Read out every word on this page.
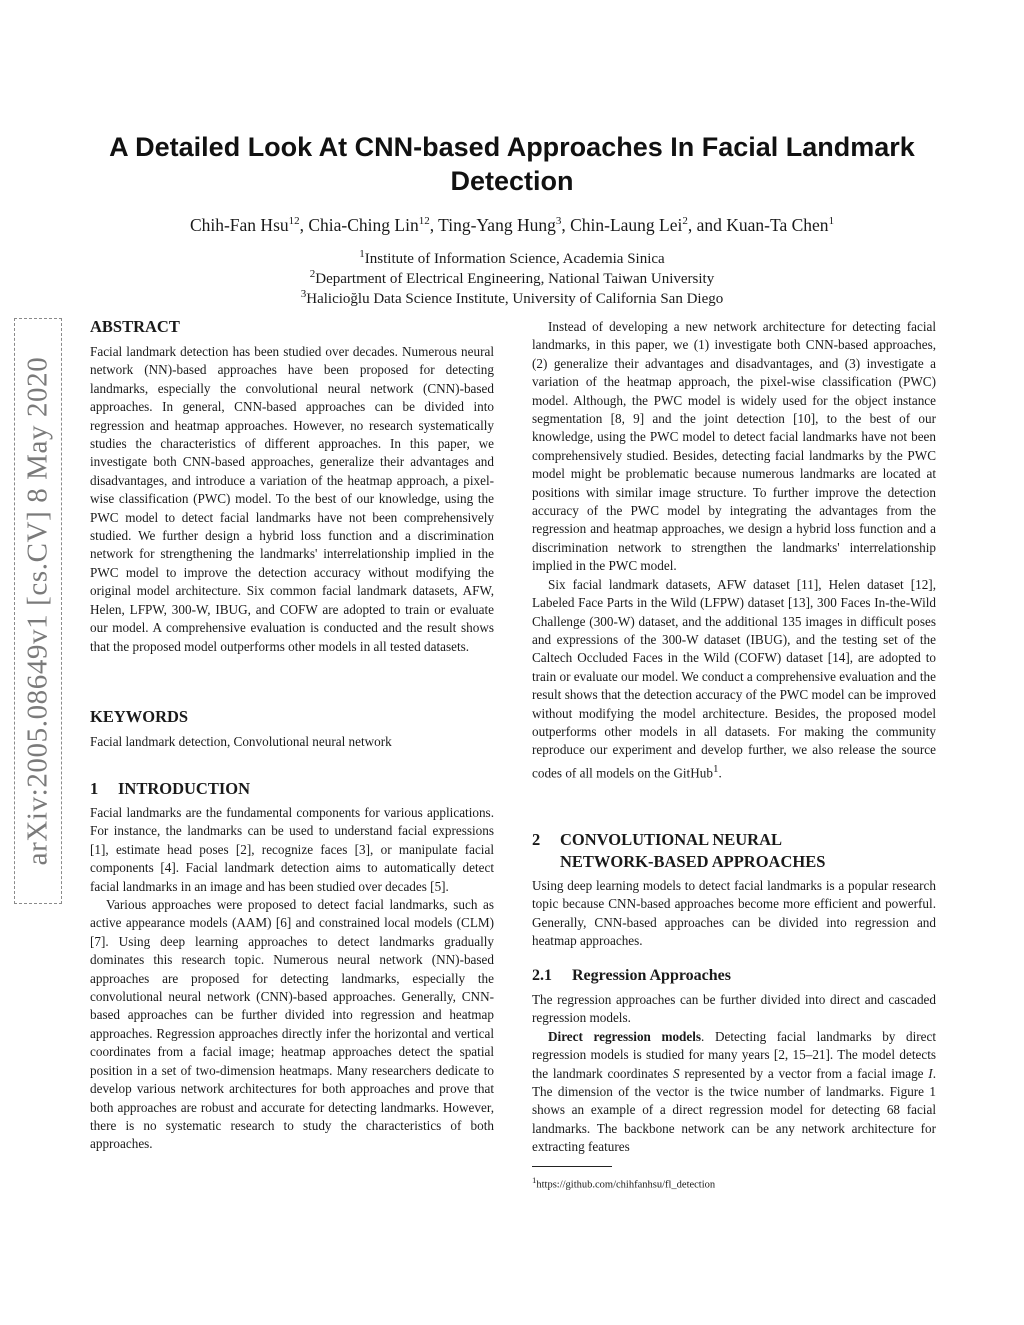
arXiv:2005.08649v1 [cs.CV] 8 May 2020
A Detailed Look At CNN-based Approaches In Facial Landmark Detection
Chih-Fan Hsu$^{12}$, Chia-Ching Lin$^{12}$, Ting-Yang Hung$^3$, Chin-Laung Lei$^2$, and Kuan-Ta Chen$^1$
$^1$Institute of Information Science, Academia Sinica
$^2$Department of Electrical Engineering, National Taiwan University
$^3$Halicioğlu Data Science Institute, University of California San Diego
ABSTRACT

Facial landmark detection has been studied over decades. Numerous neural network (NN)-based approaches have been proposed for detecting landmarks, especially the convolutional neural network (CNN)-based approaches. In general, CNN-based approaches can be divided into regression and heatmap approaches. However, no research systematically studies the characteristics of different approaches. In this paper, we investigate both CNN-based approaches, generalize their advantages and disadvantages, and introduce a variation of the heatmap approach, a pixel-wise classification (PWC) model. To the best of our knowledge, using the PWC model to detect facial landmarks have not been comprehensively studied. We further design a hybrid loss function and a discrimination network for strengthening the landmarks' interrelationship implied in the PWC model to improve the detection accuracy without modifying the original model architecture. Six common facial landmark datasets, AFW, Helen, LFPW, 300-W, IBUG, and COFW are adopted to train or evaluate our model. A comprehensive evaluation is conducted and the result shows that the proposed model outperforms other models in all tested datasets.

KEYWORDS

Facial landmark detection, Convolutional neural network

1 INTRODUCTION

Facial landmarks are the fundamental components for various applications. For instance, the landmarks can be used to understand facial expressions [1], estimate head poses [2], recognize faces [3], or manipulate facial components [4]. Facial landmark detection aims to automatically detect facial landmarks in an image and has been studied over decades [5].

Various approaches were proposed to detect facial landmarks, such as active appearance models (AAM) [6] and constrained local models (CLM) [7]. Using deep learning approaches to detect landmarks gradually dominates this research topic. Numerous neural network (NN)-based approaches are proposed for detecting landmarks, especially the convolutional neural network (CNN)-based approaches. Generally, CNN-based approaches can be further divided into regression and heatmap approaches. Regression approaches directly infer the horizontal and vertical coordinates from a facial image; heatmap approaches detect the spatial position in a set of two-dimension heatmaps. Many researchers dedicate to develop various network architectures for both approaches and prove that both approaches are robust and accurate for detecting landmarks. However, there is no systematic research to study the characteristics of both approaches.

Instead of developing a new network architecture for detecting facial landmarks, in this paper, we (1) investigate both CNN-based approaches, (2) generalize their advantages and disadvantages, and (3) investigate a variation of the heatmap approach, the pixel-wise classification (PWC) model. Although, the PWC model is widely used for the object instance segmentation [8, 9] and the joint detection [10], to the best of our knowledge, using the PWC model to detect facial landmarks have not been comprehensively studied. Besides, detecting facial landmarks by the PWC model might be problematic because numerous landmarks are located at positions with similar image structure. To further improve the detection accuracy of the PWC model by integrating the advantages from the regression and heatmap approaches, we design a hybrid loss function and a discrimination network to strengthen the landmarks' interrelationship implied in the PWC model.

Six facial landmark datasets, AFW dataset [11], Helen dataset [12], Labeled Face Parts in the Wild (LFPW) dataset [13], 300 Faces In-the-Wild Challenge (300-W) dataset, and the additional 135 images in difficult poses and expressions of the 300-W dataset (IBUG), and the testing set of the Caltech Occluded Faces in the Wild (COFW) dataset [14], are adopted to train or evaluate our model. We conduct a comprehensive evaluation and the result shows that the detection accuracy of the PWC model can be improved without modifying the model architecture. Besides, the proposed model outperforms other models in all datasets. For making the community reproduce our experiment and develop further, we also release the source codes of all models on the GitHub$^1$.

2 CONVOLUTIONAL NEURAL
NETWORK-BASED APPROACHES

Using deep learning models to detect facial landmarks is a popular research topic because CNN-based approaches become more efficient and powerful. Generally, CNN-based approaches can be divided into regression and heatmap approaches.

2.1 Regression Approaches

The regression approaches can be further divided into direct and cascaded regression models.

Direct regression models. Detecting facial landmarks by direct regression models is studied for many years [2, 15–21]. The model detects the landmark coordinates S represented by a vector from a facial image I. The dimension of the vector is the twice number of landmarks. Figure 1 shows an example of a direct regression model for detecting 68 facial landmarks. The backbone network can be any network architecture for extracting features

$^1$https://github.com/chihfanhsu/fl_detection
